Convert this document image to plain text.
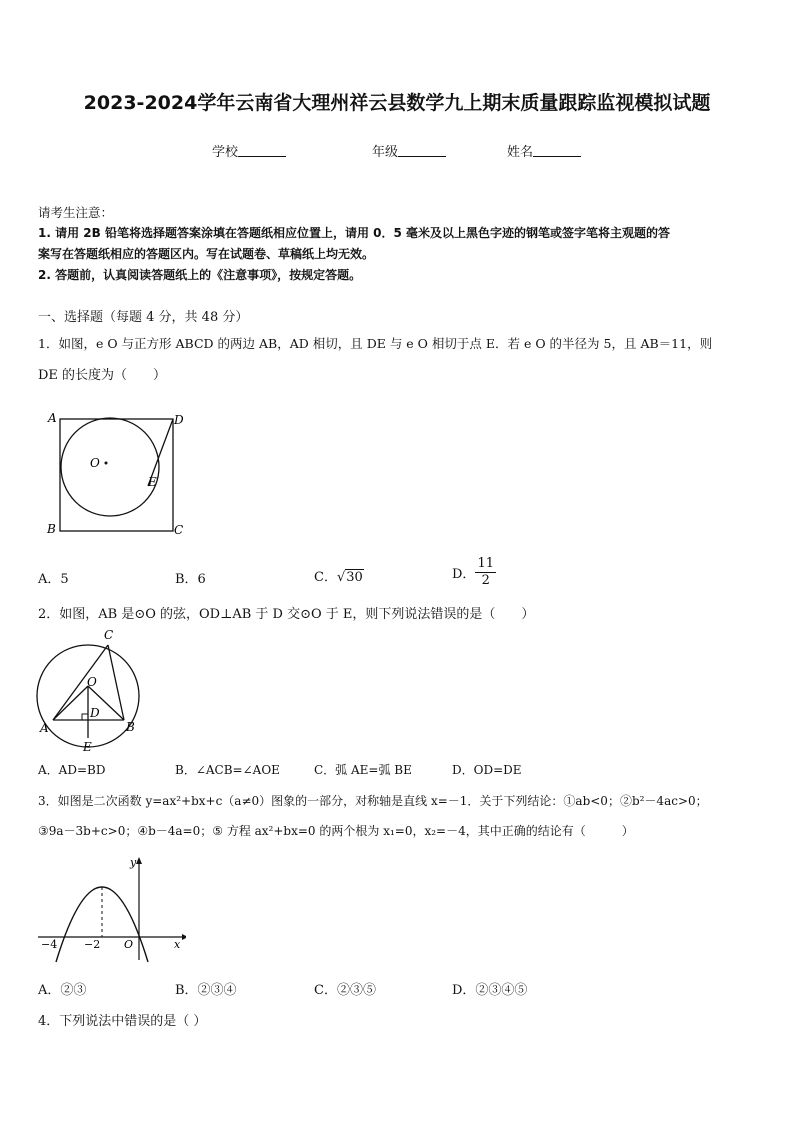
2023-2024学年云南省大理州祥云县数学九上期末质量跟踪监视模拟试题
学校	年级	姓名
请考生注意：
1. 请用 2B 铅笔将选择题答案涂填在答题纸相应位置上，请用 0．5 毫米及以上黑色字迹的钢笔或签字笔将主观题的答
案写在答题纸相应的答题区内。写在试题卷、草稿纸上均无效。
2. 答题前，认真阅读答题纸上的《注意事项》，按规定答题。
一、选择题（每题 4 分，共 48 分）
1．如图，e O 与正方形 ABCD 的两边 AB，AD 相切，且 DE 与 e O 相切于点 E．若 e O 的半径为 5，且 AB＝11，则
DE 的长度为（　　）
A	D
B	C
E
O
A．5	B．6	C．√30	D． $\frac{11}{2}$
2．如图，AB 是⊙O 的弦，OD⊥AB 于 D 交⊙O 于 E，则下列说法错误的是（　　）
A	B
C
D
E
O
A．AD=BD	B．∠ACB=∠AOE	C．弧 AE=弧 BE	D．OD=DE
3．如图是二次函数 y=ax²+bx+c（a≠0）图象的一部分，对称轴是直线 x=－1．关于下列结论：①ab<0；②b²－4ac>0；
③9a－3b+c>0；④b－4a=0；⑤ 方程 ax²+bx=0 的两个根为 x₁=0，x₂=－4，其中正确的结论有（　　　）
y
x
O
−4 −2
A．②③	B．②③④	C．②③⑤	D．②③④⑤
4．下列说法中错误的是（ ）
